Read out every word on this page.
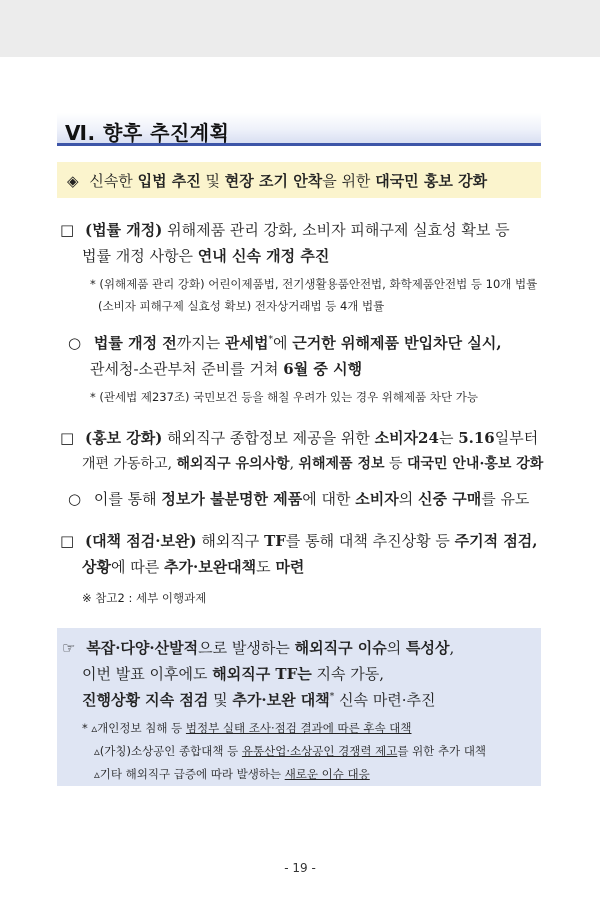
Ⅵ. 향후 추진계획
◈ 신속한 입법 추진 및 현장 조기 안착을 위한 대국민 홍보 강화
□ (법률 개정) 위해제품 관리 강화, 소비자 피해구제 실효성 확보 등
법률 개정 사항은 연내 신속 개정 추진
* (위해제품 관리 강화) 어린이제품법, 전기생활용품안전법, 화학제품안전법 등 10개 법률
(소비자 피해구제 실효성 확보) 전자상거래법 등 4개 법률
○ 법률 개정 전까지는 관세법*에 근거한 위해제품 반입차단 실시,
관세청-소관부처 준비를 거쳐 6월 중 시행
* (관세법 제237조) 국민보건 등을 해칠 우려가 있는 경우 위해제품 차단 가능
□ (홍보 강화) 해외직구 종합정보 제공을 위한 소비자24는 5.16일부터
개편 가동하고, 해외직구 유의사항, 위해제품 정보 등 대국민 안내·홍보 강화
○ 이를 통해 정보가 불분명한 제품에 대한 소비자의 신중 구매를 유도
□ (대책 점검·보완) 해외직구 TF를 통해 대책 추진상황 등 주기적 점검,
상황에 따른 추가·보완대책도 마련
※ 참고2 : 세부 이행과제
☞ 복잡·다양·산발적으로 발생하는 해외직구 이슈의 특성상,
이번 발표 이후에도 해외직구 TF는 지속 가동,
진행상황 지속 점검 및 추가·보완 대책* 신속 마련·추진
* ▵개인정보 침해 등 범정부 실태 조사·점검 결과에 따른 후속 대책
▵(가칭)소상공인 종합대책 등 유통산업·소상공인 경쟁력 제고를 위한 추가 대책
▵기타 해외직구 급증에 따라 발생하는 새로운 이슈 대응
- 19 -
